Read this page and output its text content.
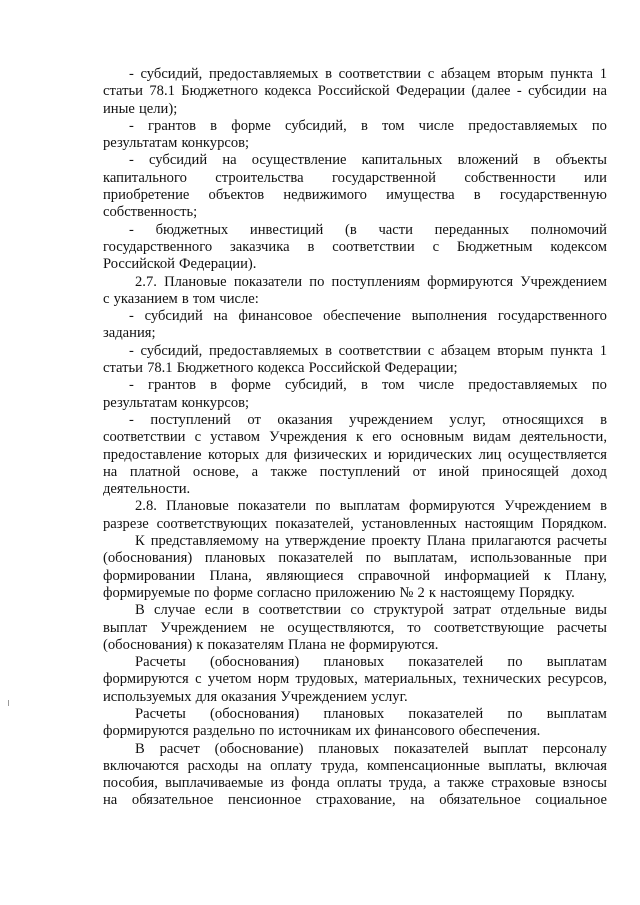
- субсидий, предоставляемых в соответствии с абзацем вторым пункта 1
статьи 78.1 Бюджетного кодекса Российской Федерации (далее - субсидии на
иные цели);
- грантов в форме субсидий, в том числе предоставляемых по
результатам конкурсов;
- субсидий на осуществление капитальных вложений в объекты
капитального строительства государственной собственности или
приобретение объектов недвижимого имущества в государственную
собственность;
- бюджетных инвестиций (в части переданных полномочий
государственного заказчика в соответствии с Бюджетным кодексом
Российской Федерации).
2.7. Плановые показатели по поступлениям формируются Учреждением
с указанием в том числе:
- субсидий на финансовое обеспечение выполнения государственного
задания;
- субсидий, предоставляемых в соответствии с абзацем вторым пункта 1
статьи 78.1 Бюджетного кодекса Российской Федерации;
- грантов в форме субсидий, в том числе предоставляемых по
результатам конкурсов;
- поступлений от оказания учреждением услуг, относящихся в
соответствии с уставом Учреждения к его основным видам деятельности,
предоставление которых для физических и юридических лиц осуществляется
на платной основе, а также поступлений от иной приносящей доход
деятельности.
2.8. Плановые показатели по выплатам формируются Учреждением в
разрезе соответствующих показателей, установленных настоящим Порядком.
К представляемому на утверждение проекту Плана прилагаются расчеты
(обоснования) плановых показателей по выплатам, использованные при
формировании Плана, являющиеся справочной информацией к Плану,
формируемые по форме согласно приложению № 2 к настоящему Порядку.
В случае если в соответствии со структурой затрат отдельные виды
выплат Учреждением не осуществляются, то соответствующие расчеты
(обоснования) к показателям Плана не формируются.
Расчеты (обоснования) плановых показателей по выплатам
формируются с учетом норм трудовых, материальных, технических ресурсов,
используемых для оказания Учреждением услуг.
Расчеты (обоснования) плановых показателей по выплатам
формируются раздельно по источникам их финансового обеспечения.
В расчет (обоснование) плановых показателей выплат персоналу
включаются расходы на оплату труда, компенсационные выплаты, включая
пособия, выплачиваемые из фонда оплаты труда, а также страховые взносы
на обязательное пенсионное страхование, на обязательное социальное
